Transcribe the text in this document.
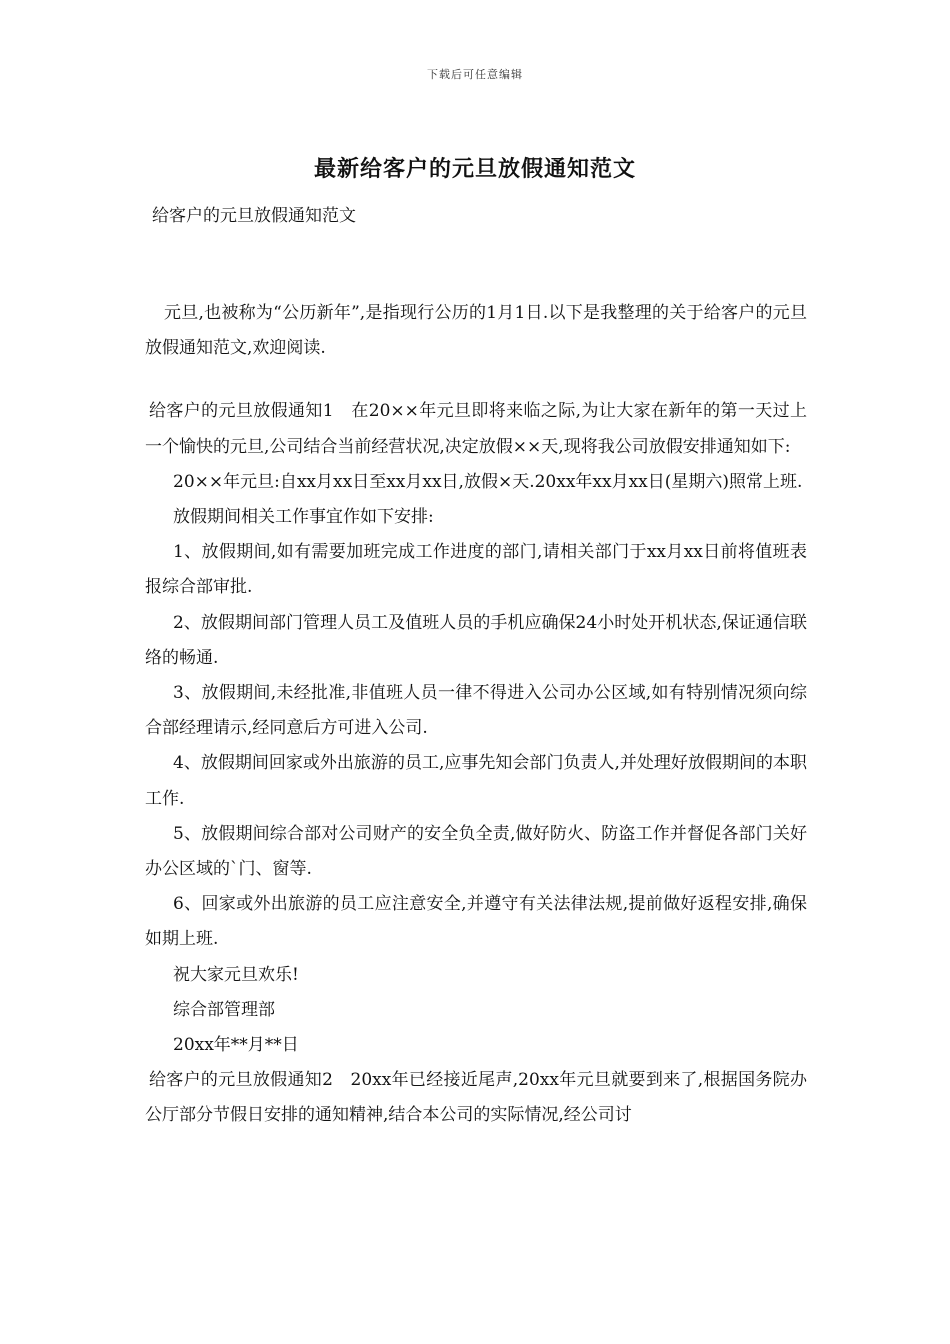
下载后可任意编辑
最新给客户的元旦放假通知范文
给客户的元旦放假通知范文

元旦,也被称为“公历新年”,是指现行公历的1月1日.以下是我整理的关于给客户的元旦放假通知范文,欢迎阅读.

给客户的元旦放假通知1　在20××年元旦即将来临之际,为让大家在新年的第一天过上一个愉快的元旦,公司结合当前经营状况,决定放假××天,现将我公司放假安排通知如下:

20××年元旦:自xx月xx日至xx月xx日,放假×天.20xx年xx月xx日(星期六)照常上班.

放假期间相关工作事宜作如下安排:

1、放假期间,如有需要加班完成工作进度的部门,请相关部门于xx月xx日前将值班表报综合部审批.

2、放假期间部门管理人员工及值班人员的手机应确保24小时处开机状态,保证通信联络的畅通.

3、放假期间,未经批准,非值班人员一律不得进入公司办公区域,如有特别情况须向综合部经理请示,经同意后方可进入公司.

4、放假期间回家或外出旅游的员工,应事先知会部门负责人,并处理好放假期间的本职工作.

5、放假期间综合部对公司财产的安全负全责,做好防火、防盗工作并督促各部门关好办公区域的`门、窗等.

6、回家或外出旅游的员工应注意安全,并遵守有关法律法规,提前做好返程安排,确保如期上班.

祝大家元旦欢乐!

综合部管理部

20xx年**月**日

给客户的元旦放假通知2　20xx年已经接近尾声,20xx年元旦就要到来了,根据国务院办公厅部分节假日安排的通知精神,结合本公司的实际情况,经公司讨
